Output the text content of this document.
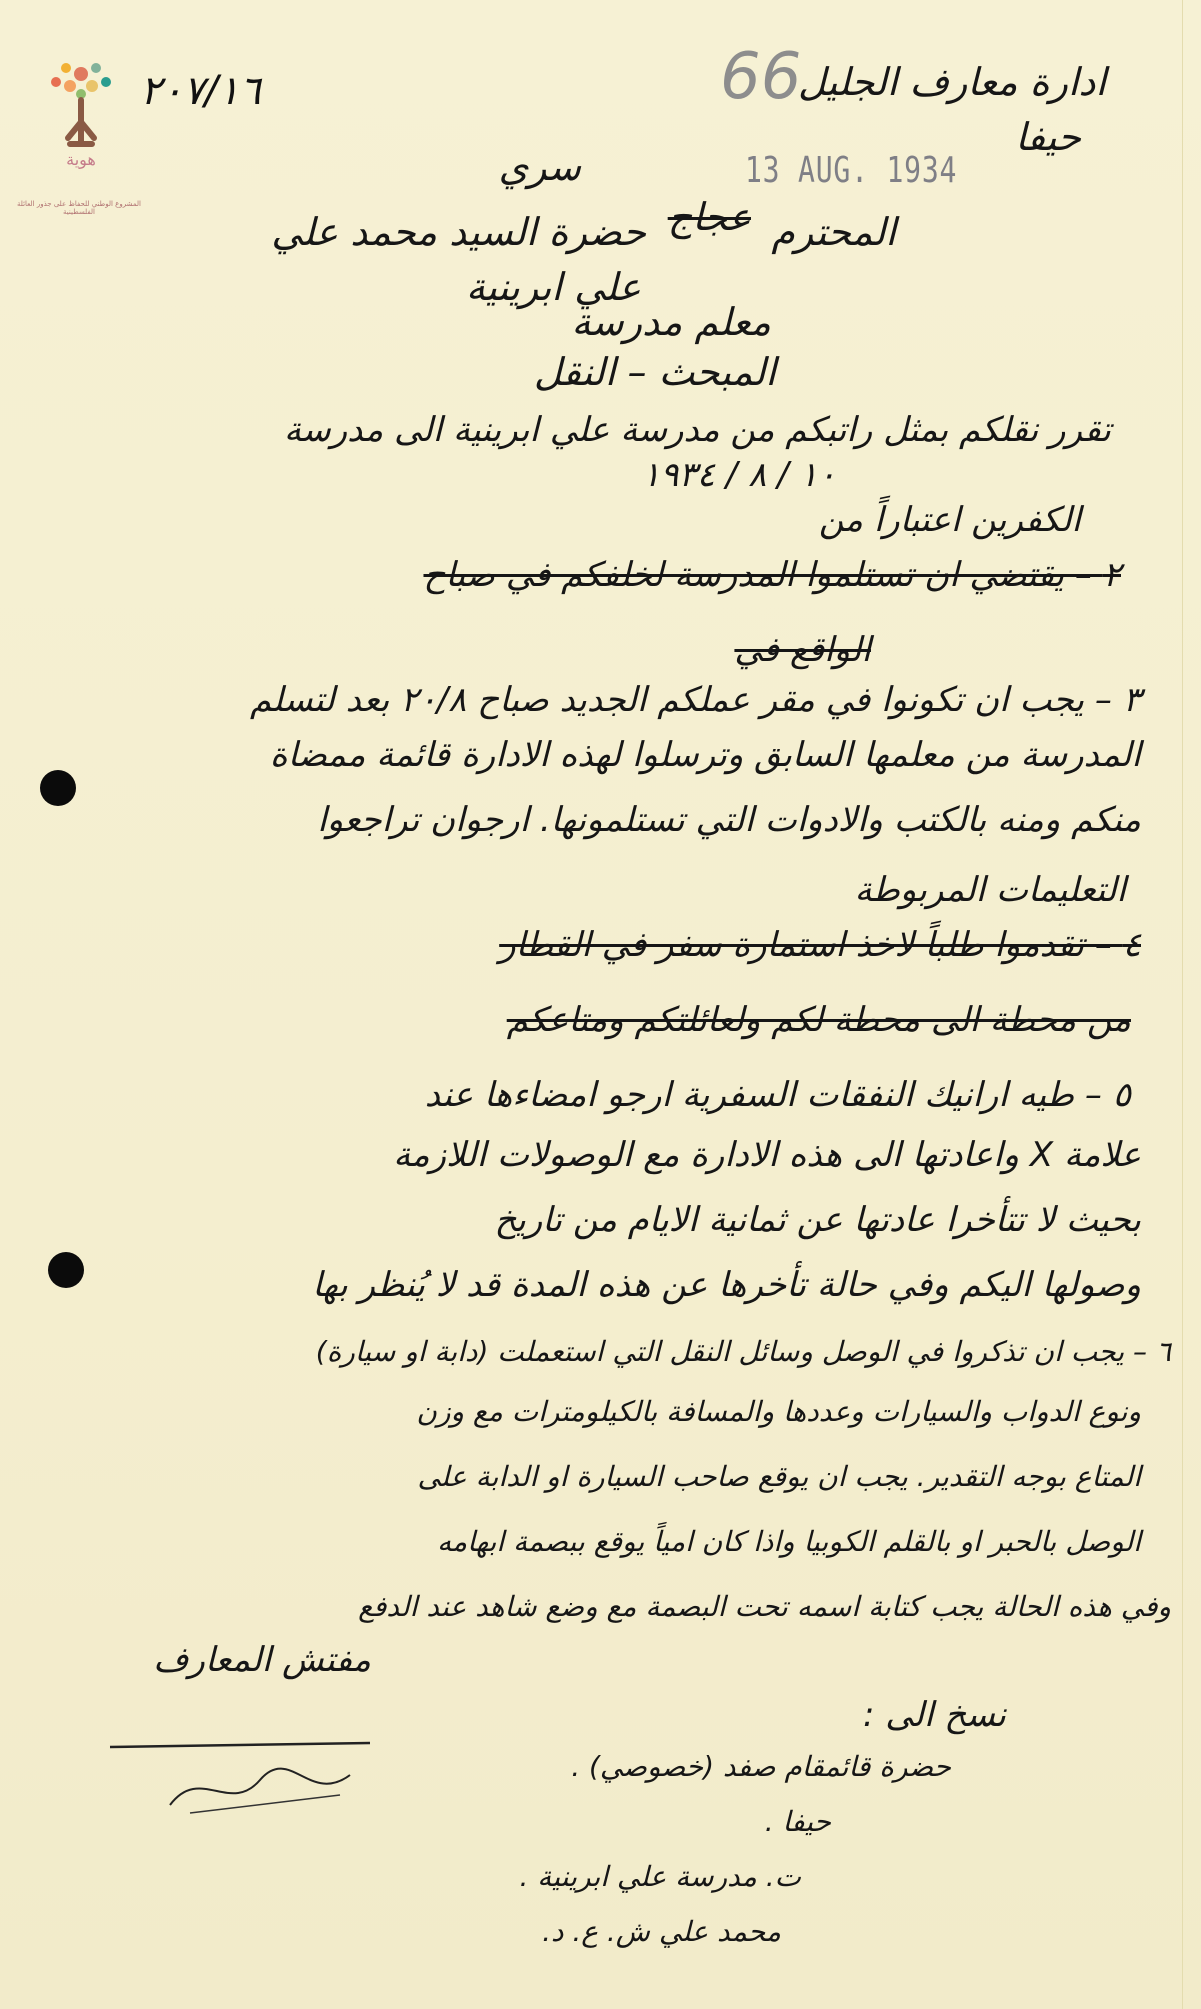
هوية
المشروع الوطني للحفاظ على جذور العائلة الفلسطينية
66
٢٠٧/١٦	ادارة معارف الجليل
حيفا
13 AUG. 1934
سري
حضرة السيد محمد علي عجاج المحترم
علي ابرينية
معلم مدرسة
المبحث – النقل
تقرر نقلكم بمثل راتبكم من مدرسة علي ابرينية الى مدرسة
١٠ / ٨ / ١٩٣٤
الكفرين اعتباراً من
٢ – يقتضي ان تستلموا المدرسة لخلفكم في صباح
الواقع في
٣ – يجب ان تكونوا في مقر عملكم الجديد صباح ٢٠/٨ بعد لتسلم
المدرسة من معلمها السابق وترسلوا لهذه الادارة قائمة ممضاة
منكم ومنه بالكتب والادوات التي تستلمونها. ارجوان تراجعوا
التعليمات المربوطة
٤ – تقدموا طلباً لاخذ استمارة سفر في القطار
من محطة الى محطة لكم ولعائلتكم ومتاعكم
٥ – طيه ارانيك النفقات السفرية ارجو امضاءها عند
علامة X واعادتها الى هذه الادارة مع الوصولات اللازمة
بحيث لا تتأخرا عادتها عن ثمانية الايام من تاريخ
وصولها اليكم وفي حالة تأخرها عن هذه المدة قد لا يُنظر بها
٦ – يجب ان تذكروا في الوصل وسائل النقل التي استعملت (دابة او سيارة)
ونوع الدواب والسيارات وعددها والمسافة بالكيلومترات مع وزن
المتاع بوجه التقدير. يجب ان يوقع صاحب السيارة او الدابة على
الوصل بالحبر او بالقلم الكوبيا واذا كان امياً يوقع ببصمة ابهامه
وفي هذه الحالة يجب كتابة اسمه تحت البصمة مع وضع شاهد عند الدفع
مفتش المعارف
نسخ الى :
حضرة قائمقام صفد (خصوصي) .
حيفا .
ت. مدرسة علي ابرينية .
محمد علي ش. ع. د.
